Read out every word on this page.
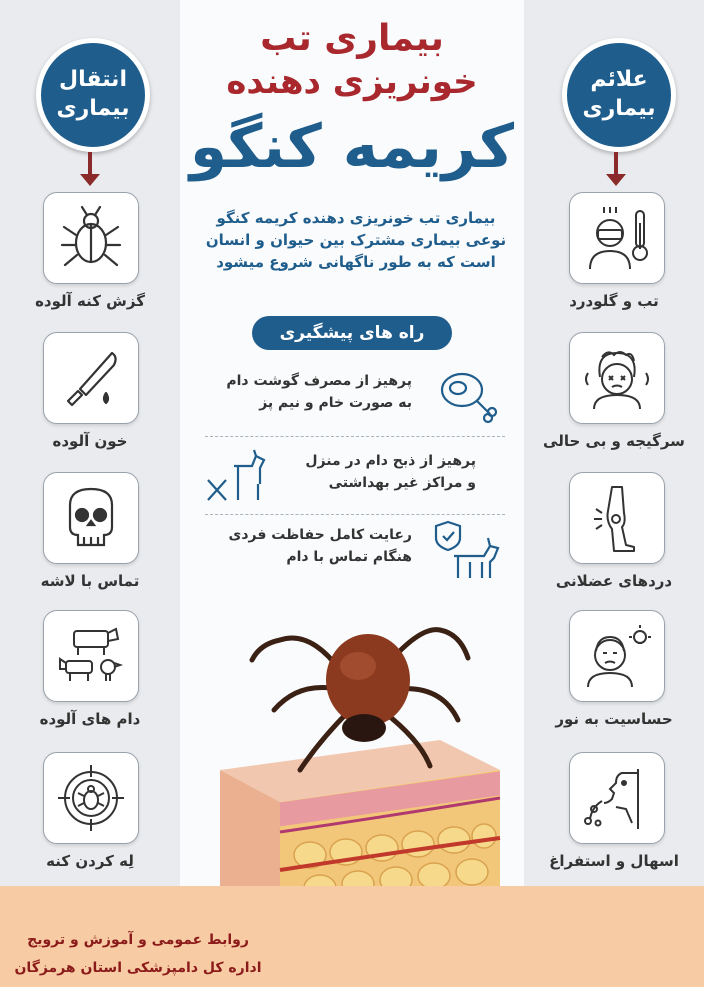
انتقال
بیماری
علائم
بیماری
گزش کنه آلوده
خون آلوده
تماس با لاشه
دام های آلوده
لِه کردن کنه
تب و گلودرد
سرگیجه و بی حالی
دردهای عضلانی
حساسیت به نور
اسهال و استفراغ
بیماری تب
خونریزی دهنده
کریمه کنگو
بیماری تب خونریزی دهنده کریمه کنگو
نوعی بیماری مشترک بین حیوان و انسان
است که به طور ناگهانی شروع میشود
راه های پیشگیری
پرهیز از مصرف گوشت دام
به صورت خام و نیم پز
پرهیز از ذبح دام در منزل
و مراکز غیر بهداشتی
رعایت کامل حفاظت فردی
هنگام تماس با دام
روابط عمومی و آموزش و ترویج
اداره کل دامپزشکی استان هرمزگان
